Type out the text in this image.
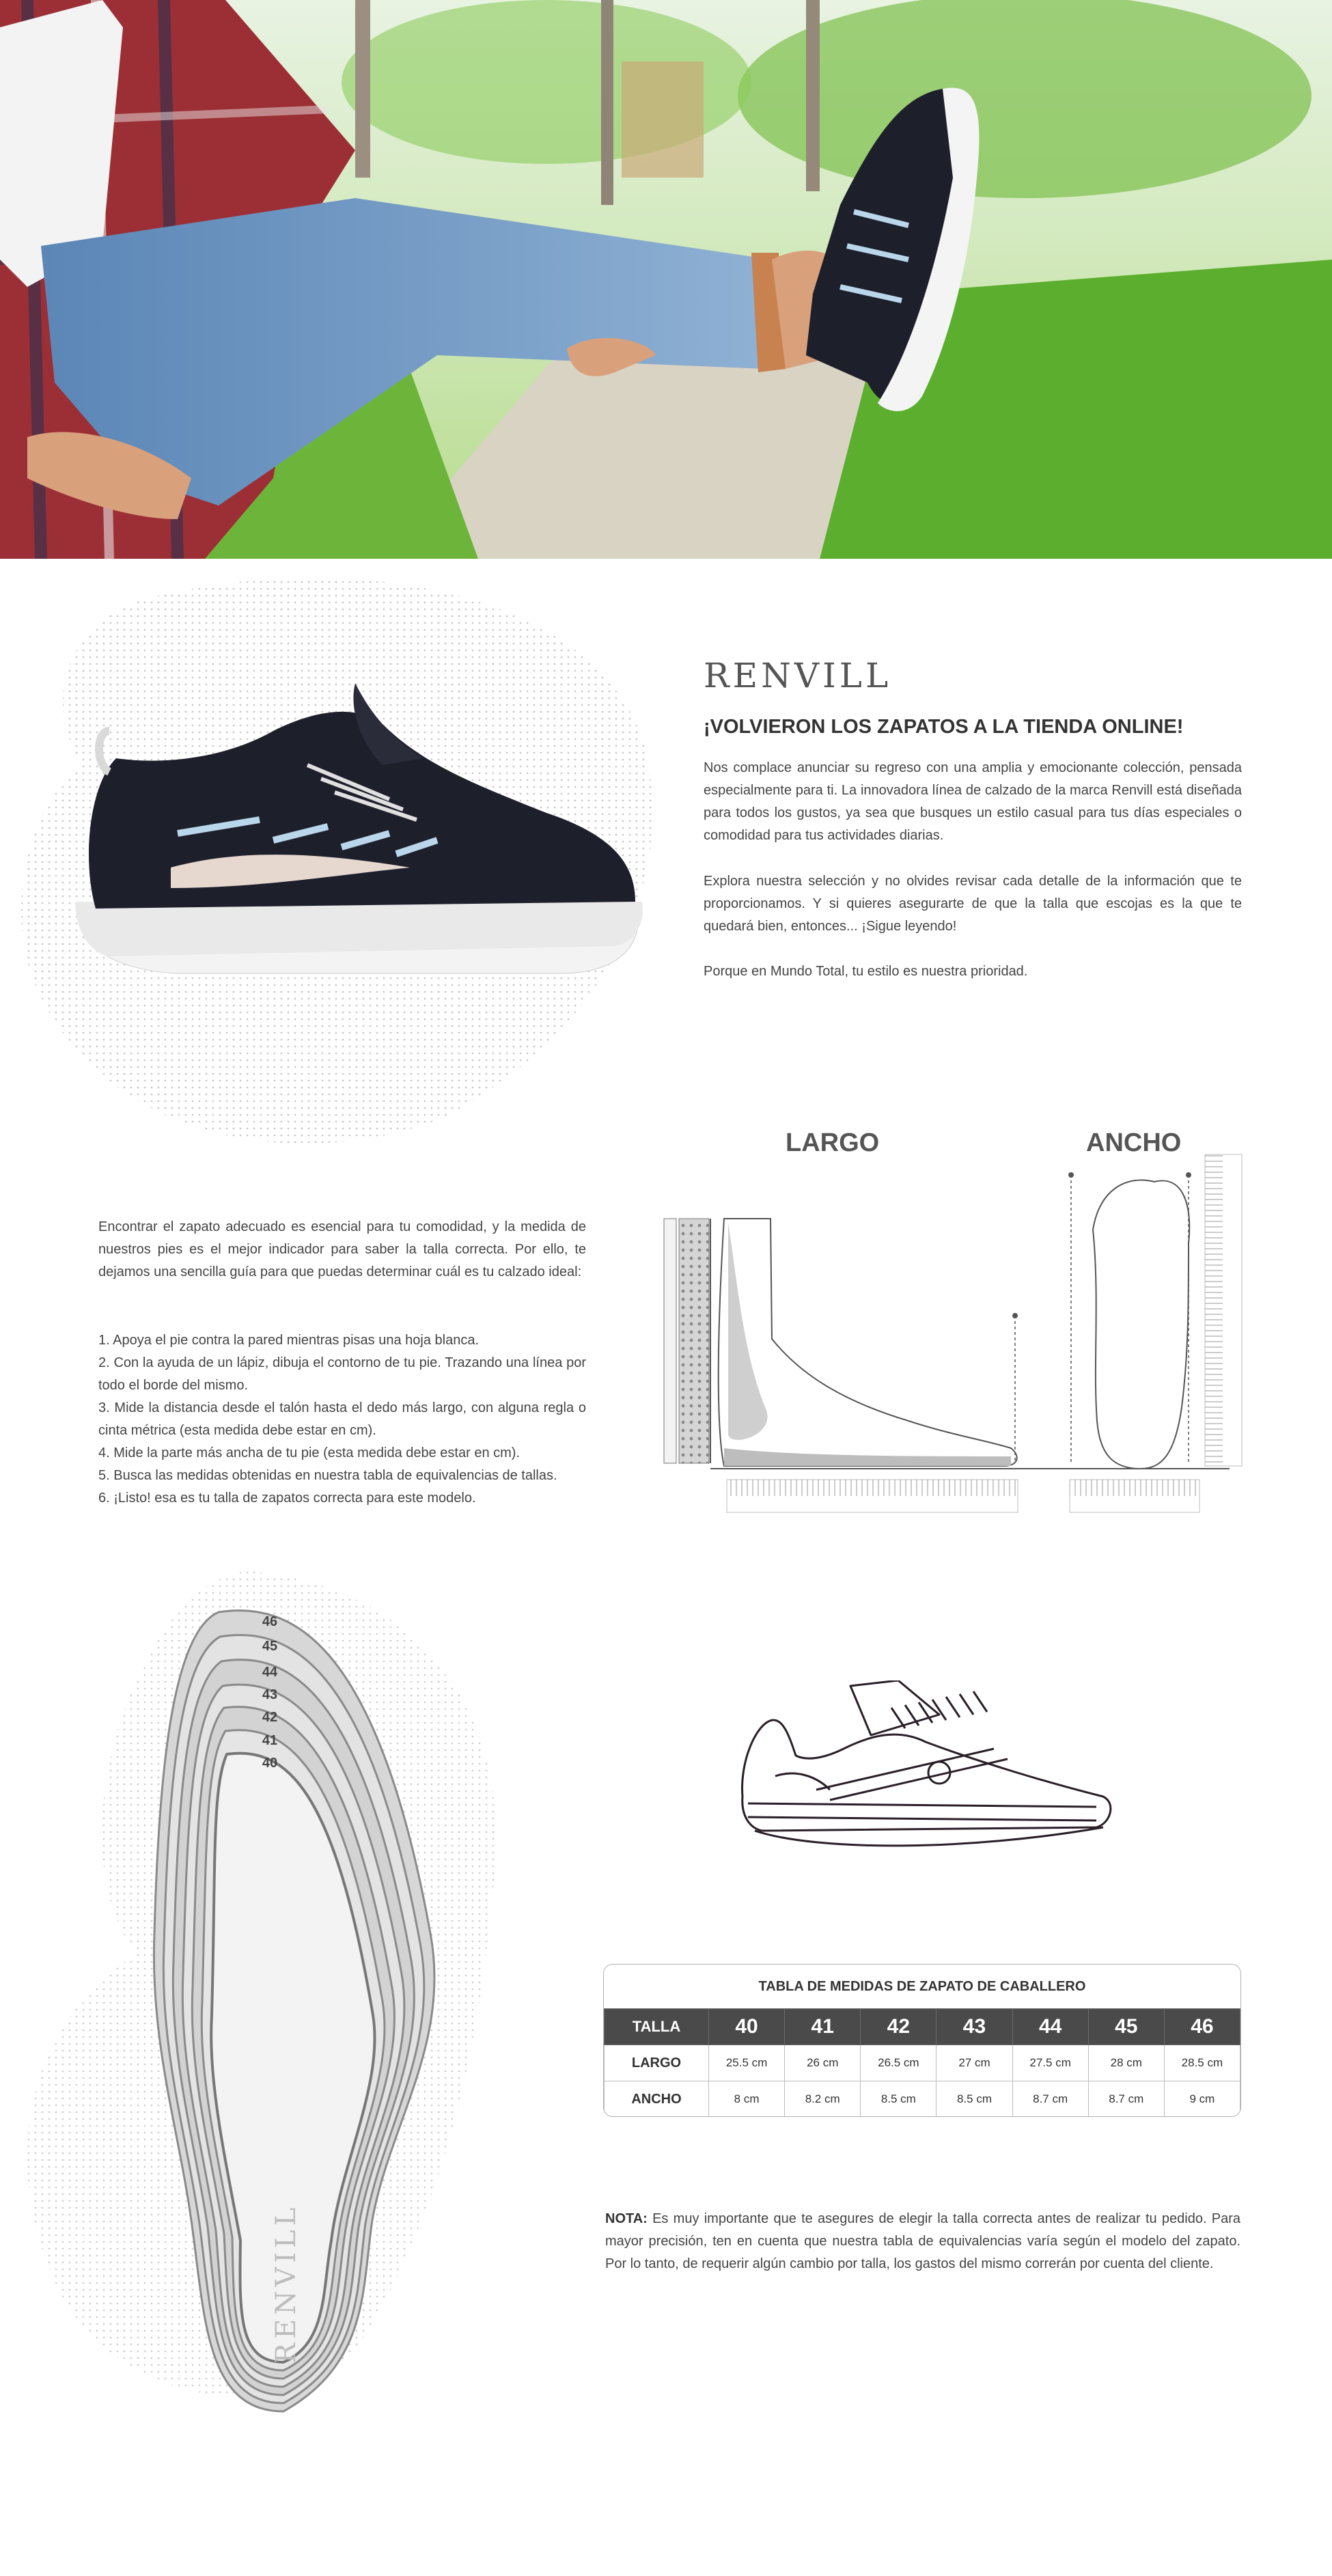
RENVILL
¡VOLVIERON LOS ZAPATOS A LA TIENDA ONLINE!
Nos complace anunciar su regreso con una amplia y emocionante colección, pensada especialmente para ti. La innovadora línea de calzado de la marca Renvill está diseñada para todos los gustos, ya sea que busques un estilo casual para tus días especiales o comodidad para tus actividades diarias.
Explora nuestra selección y no olvides revisar cada detalle de la información que te proporcionamos. Y si quieres asegurarte de que la talla que escojas es la que te quedará bien, entonces... ¡Sigue leyendo!
Porque en Mundo Total, tu estilo es nuestra prioridad.
Encontrar el zapato adecuado es esencial para tu comodidad, y la medida de nuestros pies es el mejor indicador para saber la talla correcta. Por ello, te dejamos una sencilla guía para que puedas determinar cuál es tu calzado ideal:
1. Apoya el pie contra la pared mientras pisas una hoja blanca.
2. Con la ayuda de un lápiz, dibuja el contorno de tu pie. Trazando una línea por todo el borde del mismo.
3. Mide la distancia desde el talón hasta el dedo más largo, con alguna regla o cinta métrica (esta medida debe estar en cm).
4. Mide la parte más ancha de tu pie (esta medida debe estar en cm).
5. Busca las medidas obtenidas en nuestra tabla de equivalencias de tallas.
6. ¡Listo! esa es tu talla de zapatos correcta para este modelo.
LARGO	ANCHO
46
45
44
43
42
41
40
RENVILL
TABLA DE MEDIDAS DE ZAPATO DE CABALLERO
TALLA	40	41	42	43	44	45	46
LARGO	25.5 cm	26 cm	26.5 cm	27 cm	27.5 cm	28 cm	28.5 cm
ANCHO	8 cm	8.2 cm	8.5 cm	8.5 cm	8.7 cm	8.7 cm	9 cm
NOTA: Es muy importante que te asegures de elegir la talla correcta antes de realizar tu pedido. Para mayor precisión, ten en cuenta que nuestra tabla de equivalencias varía según el modelo del zapato. Por lo tanto, de requerir algún cambio por talla, los gastos del mismo correrán por cuenta del cliente.
